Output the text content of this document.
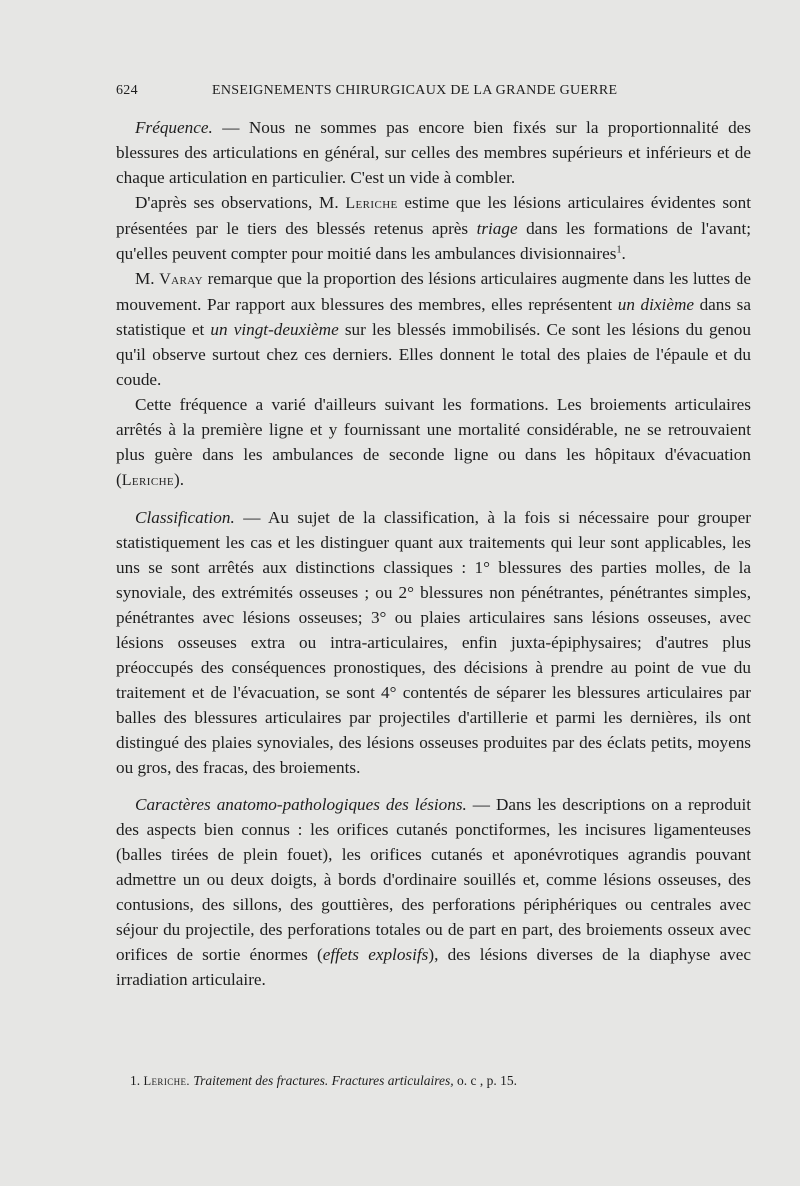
624	ENSEIGNEMENTS CHIRURGICAUX DE LA GRANDE GUERRE

Fréquence. — Nous ne sommes pas encore bien fixés sur la proportionnalité des blessures des articulations en général, sur celles des membres supérieurs et inférieurs et de chaque articulation en particulier. C'est un vide à combler.

D'après ses observations, M. Leriche estime que les lésions articulaires évidentes sont présentées par le tiers des blessés retenus après triage dans les formations de l'avant; qu'elles peuvent compter pour moitié dans les ambulances divisionnaires$^1$.

M. Varay remarque que la proportion des lésions articulaires augmente dans les luttes de mouvement. Par rapport aux blessures des membres, elles représentent un dixième dans sa statistique et un vingt-deuxième sur les blessés immobilisés. Ce sont les lésions du genou qu'il observe surtout chez ces derniers. Elles donnent le total des plaies de l'épaule et du coude.

Cette fréquence a varié d'ailleurs suivant les formations. Les broiements articulaires arrêtés à la première ligne et y fournissant une mortalité considérable, ne se retrouvaient plus guère dans les ambulances de seconde ligne ou dans les hôpitaux d'évacuation (Leriche).

Classification. — Au sujet de la classification, à la fois si nécessaire pour grouper statistiquement les cas et les distinguer quant aux traitements qui leur sont applicables, les uns se sont arrêtés aux distinctions classiques : 1° blessures des parties molles, de la synoviale, des extrémités osseuses ; ou 2° blessures non pénétrantes, pénétrantes simples, pénétrantes avec lésions osseuses; 3° ou plaies articulaires sans lésions osseuses, avec lésions osseuses extra ou intra-articulaires, enfin juxta-épiphysaires; d'autres plus préoccupés des conséquences pronostiques, des décisions à prendre au point de vue du traitement et de l'évacuation, se sont 4° contentés de séparer les blessures articulaires par balles des blessures articulaires par projectiles d'artillerie et parmi les dernières, ils ont distingué des plaies synoviales, des lésions osseuses produites par des éclats petits, moyens ou gros, des fracas, des broiements.

Caractères anatomo-pathologiques des lésions. — Dans les descriptions on a reproduit des aspects bien connus : les orifices cutanés ponctiformes, les incisures ligamenteuses (balles tirées de plein fouet), les orifices cutanés et aponévrotiques agrandis pouvant admettre un ou deux doigts, à bords d'ordinaire souillés et, comme lésions osseuses, des contusions, des sillons, des gouttières, des perforations périphériques ou centrales avec séjour du projectile, des perforations totales ou de part en part, des broiements osseux avec orifices de sortie énormes (effets explosifs), des lésions diverses de la diaphyse avec irradiation articulaire.

1. Leriche. Traitement des fractures. Fractures articulaires, o. c , p. 15.
